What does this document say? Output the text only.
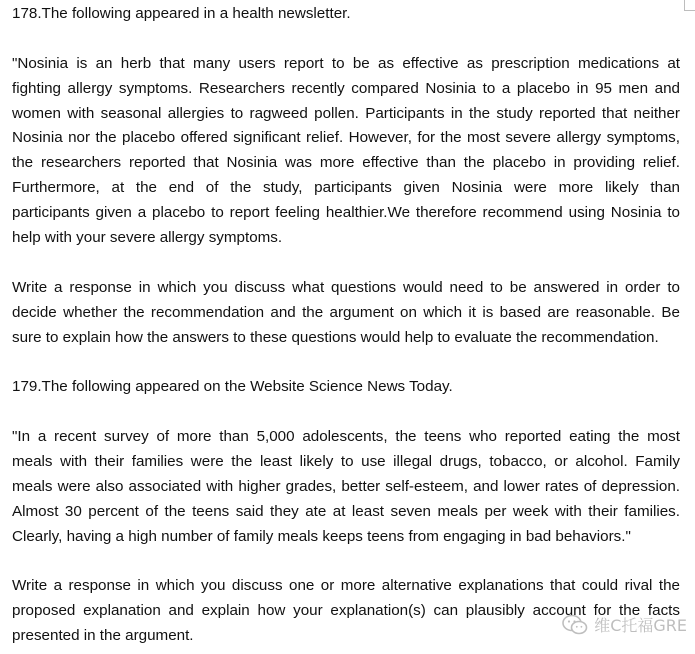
178.The following appeared in a health newsletter.
"Nosinia is an herb that many users report to be as effective as prescription medications at
fighting allergy symptoms. Researchers recently compared Nosinia to a placebo in 95 men and
women with seasonal allergies to ragweed pollen. Participants in the study reported that neither
Nosinia nor the placebo offered significant relief. However, for the most severe allergy symptoms,
the researchers reported that Nosinia was more effective than the placebo in providing relief.
Furthermore, at the end of the study, participants given Nosinia were more likely than
participants given a placebo to report feeling healthier.We therefore recommend using Nosinia to
help with your severe allergy symptoms.
Write a response in which you discuss what questions would need to be answered in order to
decide whether the recommendation and the argument on which it is based are reasonable. Be
sure to explain how the answers to these questions would help to evaluate the recommendation.
179.The following appeared on the Website Science News Today.
"In a recent survey of more than 5,000 adolescents, the teens who reported eating the most
meals with their families were the least likely to use illegal drugs, tobacco, or alcohol. Family
meals were also associated with higher grades, better self-esteem, and lower rates of depression.
Almost 30 percent of the teens said they ate at least seven meals per week with their families.
Clearly, having a high number of family meals keeps teens from engaging in bad behaviors."
Write a response in which you discuss one or more alternative explanations that could rival the
proposed explanation and explain how your explanation(s) can plausibly account for the facts
presented in the argument.
维C托福GRE
